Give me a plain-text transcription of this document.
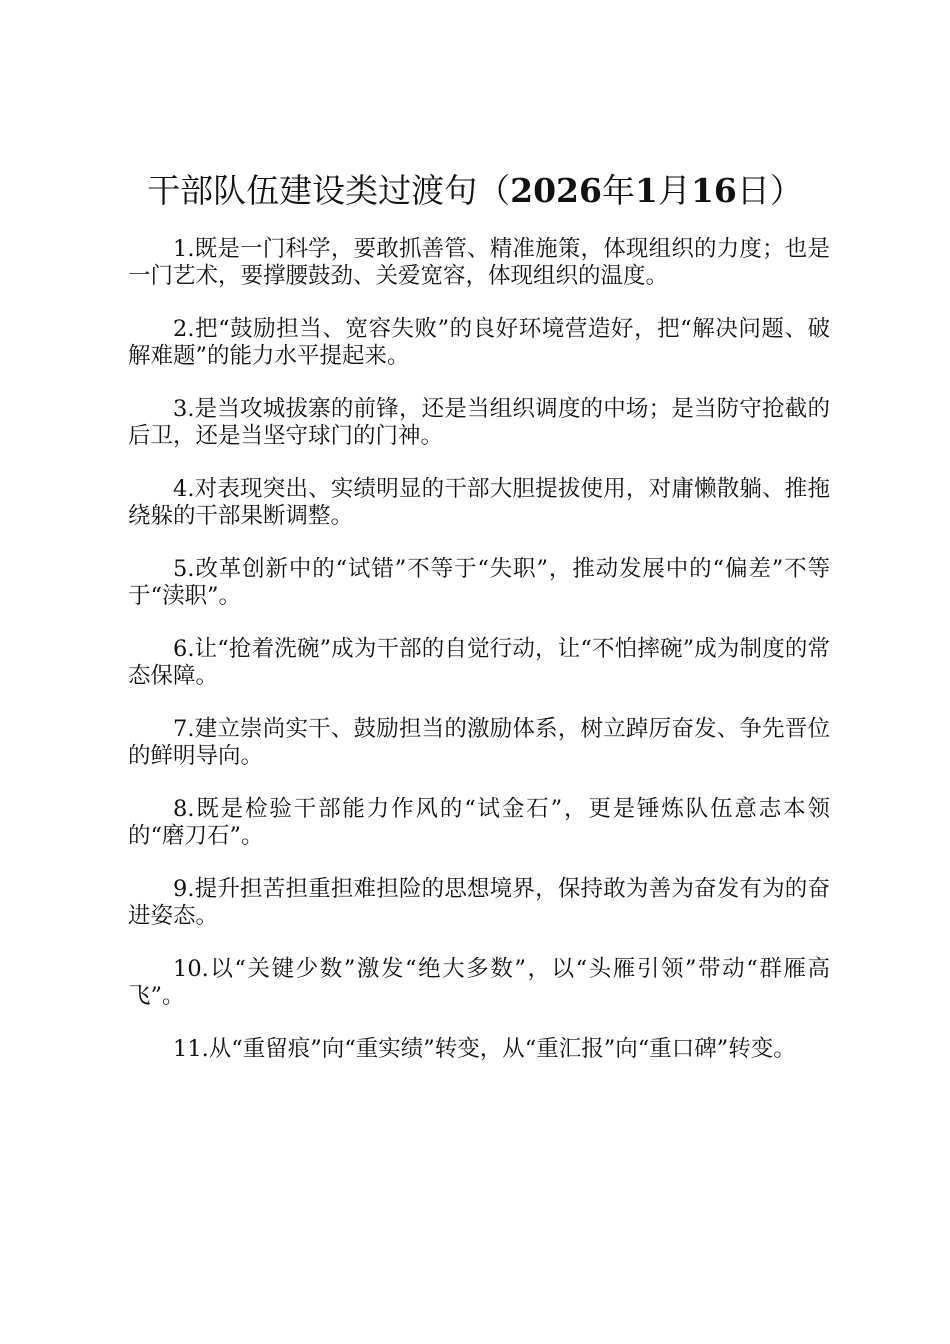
干部队伍建设类过渡句（2026年1月16日）

1.既是一门科学，要敢抓善管、精准施策，体现组织的力度；也是一门艺术，要撑腰鼓劲、关爱宽容，体现组织的温度。

2.把“鼓励担当、宽容失败”的良好环境营造好，把“解决问题、破解难题”的能力水平提起来。

3.是当攻城拔寨的前锋，还是当组织调度的中场；是当防守抢截的后卫，还是当坚守球门的门神。

4.对表现突出、实绩明显的干部大胆提拔使用，对庸懒散躺、推拖绕躲的干部果断调整。

5.改革创新中的“试错”不等于“失职”，推动发展中的“偏差”不等于“渎职”。

6.让“抢着洗碗”成为干部的自觉行动，让“不怕摔碗”成为制度的常态保障。

7.建立崇尚实干、鼓励担当的激励体系，树立踔厉奋发、争先晋位的鲜明导向。

8.既是检验干部能力作风的“试金石”，更是锤炼队伍意志本领的“磨刀石”。

9.提升担苦担重担难担险的思想境界，保持敢为善为奋发有为的奋进姿态。

10.以“关键少数”激发“绝大多数”，以“头雁引领”带动“群雁高飞”。

11.从“重留痕”向“重实绩”转变，从“重汇报”向“重口碑”转变。
